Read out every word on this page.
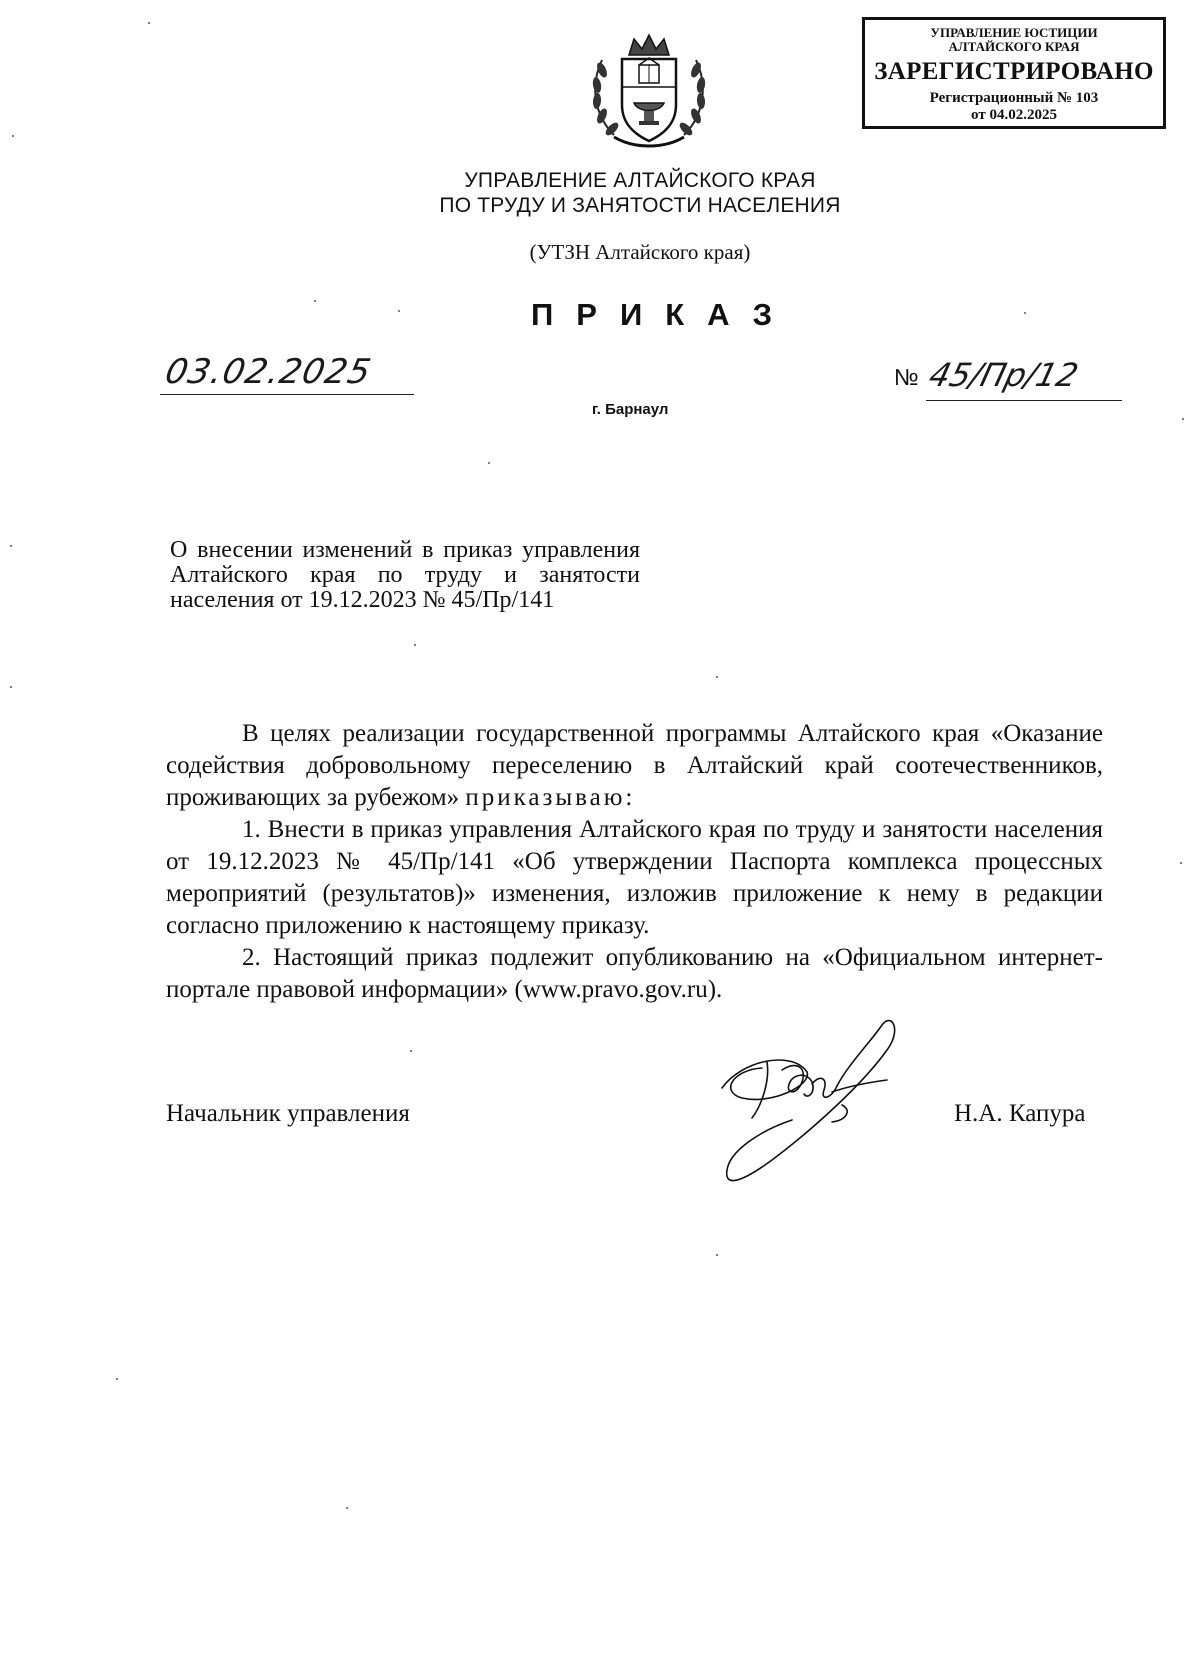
УПРАВЛЕНИЕ ЮСТИЦИИ
АЛТАЙСКОГО КРАЯ
ЗАРЕГИСТРИРОВАНО
Регистрационный № 103
от 04.02.2025
УПРАВЛЕНИЕ АЛТАЙСКОГО КРАЯ
ПО ТРУДУ И ЗАНЯТОСТИ НАСЕЛЕНИЯ
(УТЗН Алтайского края)
ПРИКАЗ
03.02.2025	№ 45/Пр/12
г. Барнаул
О внесении изменений в приказ управления Алтайского края по труду и занятости населения от 19.12.2023 № 45/Пр/141

В целях реализации государственной программы Алтайского края «Оказание содействия добровольному переселению в Алтайский край соотечественников, проживающих за рубежом» приказываю:

1. Внести в приказ управления Алтайского края по труду и занятости населения от 19.12.2023 № 45/Пр/141 «Об утверждении Паспорта комплекса процессных мероприятий (результатов)» изменения, изложив приложение к нему в редакции согласно приложению к настоящему приказу.

2. Настоящий приказ подлежит опубликованию на «Официальном интернет-портале правовой информации» (www.pravo.gov.ru).

Начальник управления	Н.А. Капура
